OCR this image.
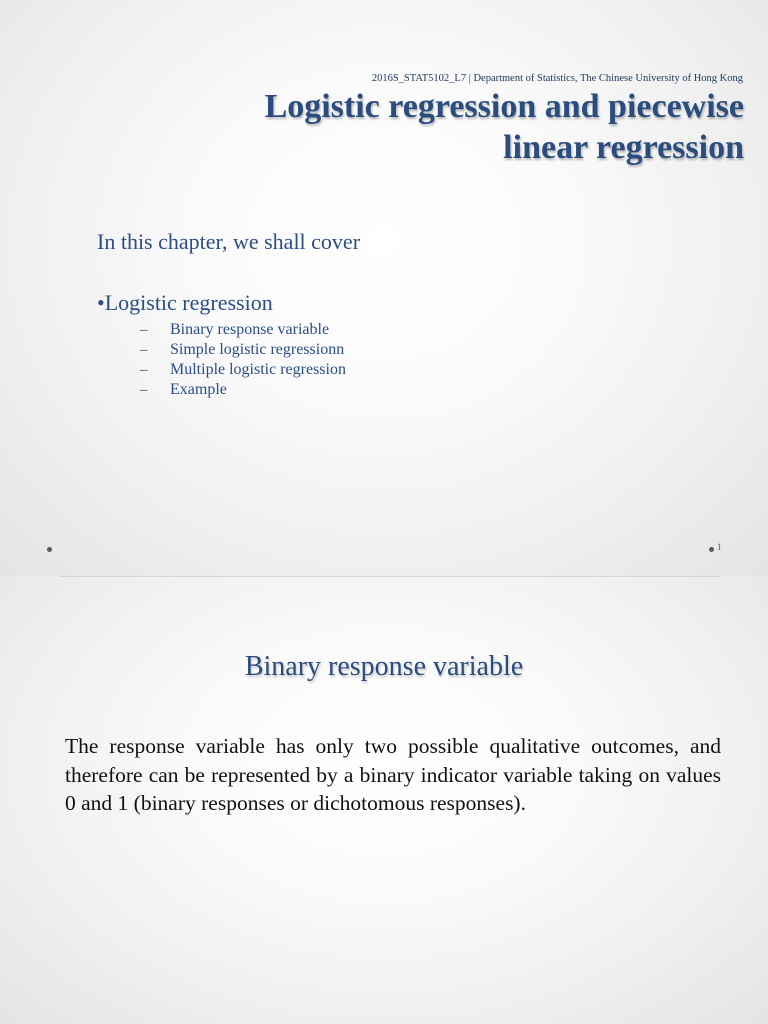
2016S_STAT5102_L7 | Department of Statistics, The Chinese University of Hong Kong
Logistic regression and piecewise
linear regression
In this chapter, we shall cover
•Logistic regression
–	Binary response variable
–	Simple logistic regressionn
–	Multiple logistic regression
–	Example
1
Binary response variable

The response variable has only two possible qualitative outcomes, and therefore can be represented by a binary indicator variable taking on values 0 and 1 (binary responses or dichotomous responses).
